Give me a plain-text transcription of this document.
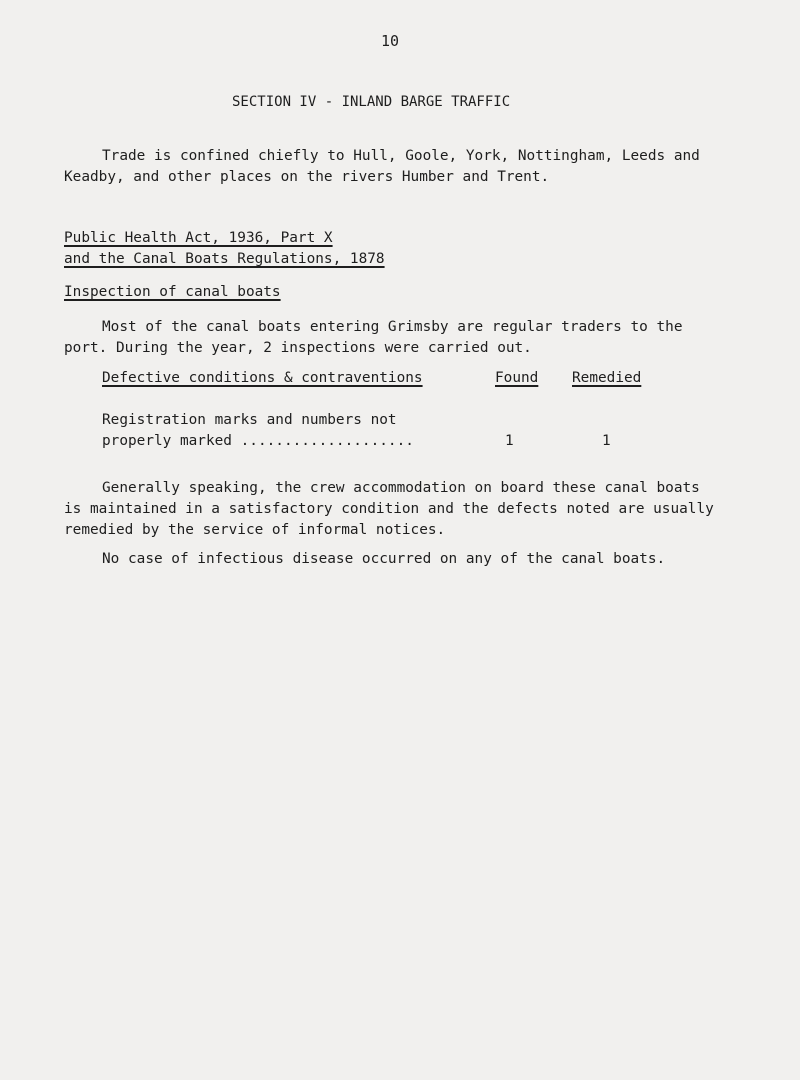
10
SECTION IV - INLAND BARGE TRAFFIC
Trade is confined chiefly to Hull, Goole, York, Nottingham, Leeds and
Keadby, and other places on the rivers Humber and Trent.
Public Health Act, 1936, Part X
and the Canal Boats Regulations, 1878
Inspection of canal boats
Most of the canal boats entering Grimsby are regular traders to the
port. During the year, 2 inspections were carried out.
Defective conditions & contraventions	Found Remedied
Registration marks and numbers not
properly marked ....................	1	1
Generally speaking, the crew accommodation on board these canal boats
is maintained in a satisfactory condition and the defects noted are usually
remedied by the service of informal notices.
No case of infectious disease occurred on any of the canal boats.
